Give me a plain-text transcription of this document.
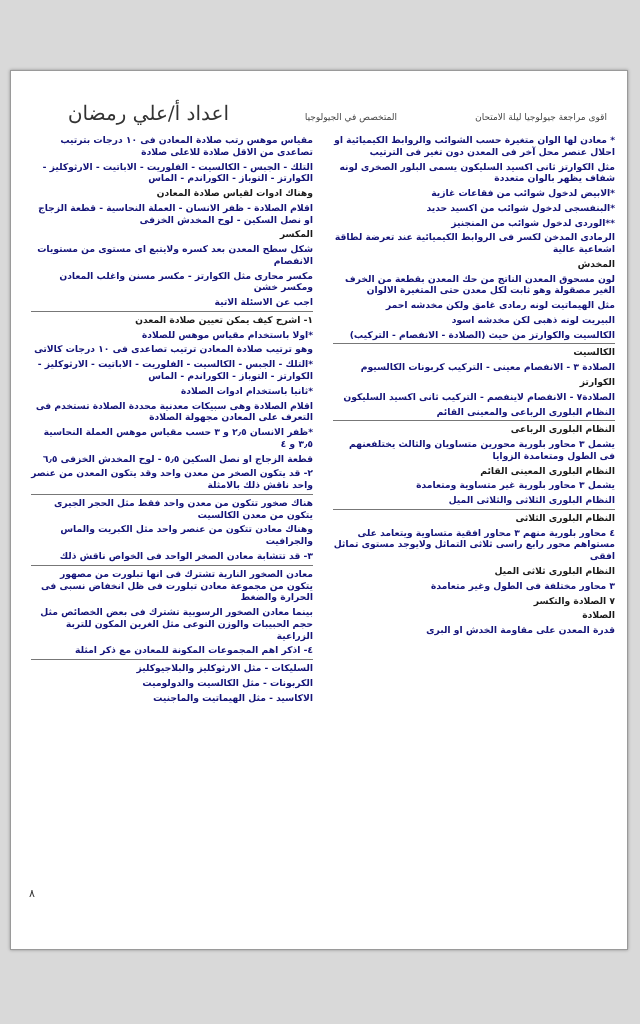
اعداد أ/علي رمضان	المتخصص في الجيولوجيا	اقوى مراجعة جيولوجيا ليلة الامتحان
* معادن لها الوان متغيرة حسب الشوائب والروابط الكيميائية او احلال عنصر محل آخر فى المعدن دون تغير فى الترتيب
مثل الكوارتز ثانى اكسيد السليكون يسمى البلور الصخرى لونه شفاف يظهر بالوان متعددة
*الابيض لدخول شوائب من فقاعات غازية
*البنفسجى لدخول شوائب من اكسيد حديد
**الوردى لدخول شوائب من المنجنيز
الرمادى المدخن لكسر فى الروابط الكيميائية عند تعرضة لطاقة اشعاعية عالية
المخدش
لون مسحوق المعدن الناتج من حك المعدن بقطعة من الخرف الغير مصقولة وهو ثابت لكل معدن حتى المتغيرة الالوان
مثل الهيماتيت لونه رمادى غامق ولكن مخدشه احمر
البيريت لونه ذهبى لكن مخدشه اسود
الكالسيت والكوارتز من حيث (الصلادة - الانفصام - التركيب)
الكالسيت
الصلادة ٣ - الانفصام معينى - التركيب كربونات الكالسيوم
الكوارتز
الصلادة٧ - الانفصام لاينفصم - التركيب ثانى اكسيد السليكون
النظام البلورى الرباعى والمعينى القائم
النظام البلورى الرباعى
يشمل ٣ محاور بلورية محورين متساويان والثالث يختلفعنهم فى الطول ومتعامدة الزوايا
النظام البلورى المعينى القائم
يشمل ٣ محاور بلورية غير متساوية ومتعامدة
النظام البلورى الثلاثى والثلاثى الميل
النظام البلورى الثلاثى
٤ محاور بلورية منهم ٣ محاور افقية متساوية ويتعامد على مستواهم محور رابع راسى ثلاثى التماثل ولايوجد مستوى تماثل افقى
النظام البلورى ثلاثى الميل
٣ محاور مختلفة فى الطول وغير متعامدة
٧ الصلادة والتكسر
الصلادة
قدرة المعدن على مقاومة الخدش او البرى
مقياس موهس رتب صلادة المعادن فى ١٠ درجات بترتيب تصاعدى من الاقل صلادة للاعلى صلادة
التلك - الجبس - الكالسيت - الفلوريت - الاباتيت - الارثوكليز - الكوارتز - التوباز - الكوراندم - الماس
وهناك ادوات لقياس صلادة المعادن
اقلام الصلادة - ظفر الانسان - العملة النحاسية - قطعة الزجاج او نصل السكين - لوح المخدش الخزفى
المكسر
شكل سطح المعدن بعد كسره ولايتبع اى مستوى من مستويات الانفصام
مكسر محارى مثل الكوارتز - مكسر مسنن واغلب المعادن ومكسر خشن
اجب عن الاسئلة الاتية
١- اشرح كيف يمكن تعيين صلادة المعدن
*اولا باستخدام مقياس موهس للصلادة
وهو ترتيب صلادة المعادن ترتيب تصاعدى فى ١٠ درجات كالاتى
*التلك - الجبس - الكالسيت - الفلوريت - الاباتيت - الارثوكليز - الكوارتز - التوباز - الكوراندم - الماس
*ثانيا باستخدام ادوات الصلادة
اقلام الصلادة وهى سبيكات معدنية محددة الصلادة تستخدم فى التعرف على المعادن مجهولة الصلادة
*ظفر الانسان ٢٫٥ و ٣ حسب مقياس موهس العملة النحاسية ٣٫٥ و ٤
قطعة الزجاج او نصل السكين ٥٫٥ - لوح المخدش الخزفى ٦٫٥
٢- قد يتكون الصخر من معدن واحد وقد يتكون المعدن من عنصر واحد ناقش ذلك بالامثلة
هناك صخور تتكون من معدن واحد فقط مثل الحجر الجيرى يتكون من معدن الكالسيت
وهناك معادن تتكون من عنصر واحد مثل الكبريت والماس والجرافيت
٣- قد تتشابة معادن الصخر الواحد فى الخواص ناقش ذلك
معادن الصخور النارية تشترك فى انها تبلورت من مصهور يتكون من مجموعة معادن تبلورت فى ظل انخفاض نسبى فى الحرارة والضغط
بينما معادن الصخور الرسوبية تشترك فى بعض الخصائص مثل حجم الحبيبات والوزن النوعى مثل الغرين المكون للتربة الزراعية
٤- اذكر اهم المجموعات المكونة للمعادن مع ذكر امثلة
السليكات - مثل الارثوكليز والبلاجيوكليز
الكربونات - مثل الكالسيت والدولوميت
الاكاسيد - مثل الهيماتيت والماجنيت
٨
